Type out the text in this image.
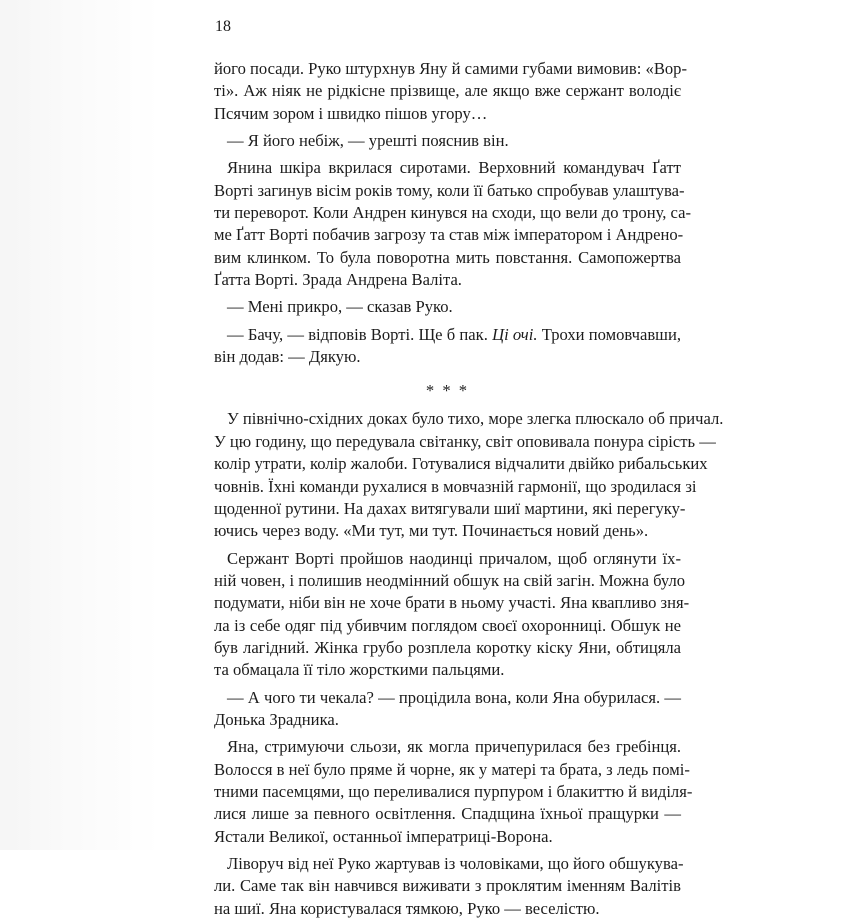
18
його посади. Руко штурхнув Яну й самими губами вимовив: «Вор-
ті». Аж ніяк не рідкісне прізвище, але якщо вже сержант володіє
Псячим зором і швидко пішов угору…
— Я його небіж, — урешті пояснив він.
Янина шкіра вкрилася сиротами. Верховний командувач Ґатт
Ворті загинув вісім років тому, коли її батько спробував улаштува-
ти переворот. Коли Андрен кинувся на сходи, що вели до трону, са-
ме Ґатт Ворті побачив загрозу та став між імператором і Андрено-
вим клинком. То була поворотна мить повстання. Самопожертва
Ґатта Ворті. Зрада Андрена Валіта.
— Мені прикро, — сказав Руко.
— Бачу, — відповів Ворті. Ще б пак. Ці очі. Трохи помовчавши,
він додав: — Дякую.
* * *
У північно-східних доках було тихо, море злегка плюскало об причал.
У цю годину, що передувала світанку, світ оповивала понура сірість —
колір утрати, колір жалоби. Готувалися відчалити двійко рибальських
човнів. Їхні команди рухалися в мовчазній гармонії, що зродилася зі
щоденної рутини. На дахах витягували шиї мартини, які перегуку-
ючись через воду. «Ми тут, ми тут. Починається новий день».
Сержант Ворті пройшов наодинці причалом, щоб оглянути їх-
ній човен, і полишив неодмінний обшук на свій загін. Можна було
подумати, ніби він не хоче брати в ньому участі. Яна квапливо зня-
ла із себе одяг під убивчим поглядом своєї охоронниці. Обшук не
був лагідний. Жінка грубо розплела коротку кіску Яни, обтицяла
та обмацала її тіло жорсткими пальцями.
— А чого ти чекала? — процідила вона, коли Яна обурилася. —
Донька Зрадника.
Яна, стримуючи сльози, як могла причепурилася без гребінця.
Волосся в неї було пряме й чорне, як у матері та брата, з ледь помі-
тними пасемцями, що переливалися пурпуром і блакиттю й виділя-
лися лише за певного освітлення. Спадщина їхньої пращурки —
Ястали Великої, останньої імператриці-Ворона.
Ліворуч від неї Руко жартував із чоловіками, що його обшукува-
ли. Саме так він навчився виживати з проклятим іменням Валітів
на шиї. Яна користувалася тямкою, Руко — веселістю.
